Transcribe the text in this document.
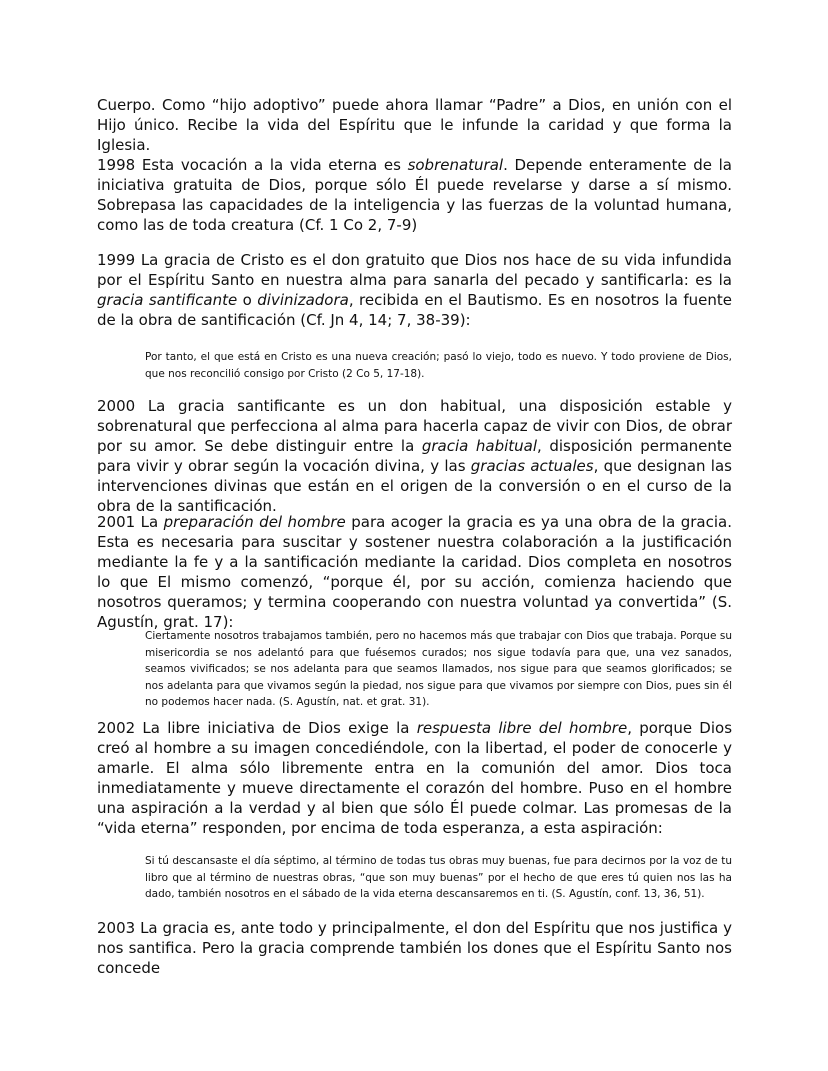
Cuerpo. Como “hijo adoptivo” puede ahora llamar “Padre” a Dios, en unión con el Hijo único. Recibe la vida del Espíritu que le infunde la caridad y que forma la Iglesia.

1998 Esta vocación a la vida eterna es sobrenatural. Depende enteramente de la iniciativa gratuita de Dios, porque sólo Él puede revelarse y darse a sí mismo. Sobrepasa las capacidades de la inteligencia y las fuerzas de la voluntad humana, como las de toda creatura (Cf. 1 Co 2, 7-9)

1999 La gracia de Cristo es el don gratuito que Dios nos hace de su vida infundida por el Espíritu Santo en nuestra alma para sanarla del pecado y santificarla: es la gracia santificante o divinizadora, recibida en el Bautismo. Es en nosotros la fuente de la obra de santificación (Cf. Jn 4, 14; 7, 38-39):

Por tanto, el que está en Cristo es una nueva creación; pasó lo viejo, todo es nuevo. Y todo proviene de Dios, que nos reconcilió consigo por Cristo (2 Co 5, 17-18).

2000 La gracia santificante es un don habitual, una disposición estable y sobrenatural que perfecciona al alma para hacerla capaz de vivir con Dios, de obrar por su amor. Se debe distinguir entre la gracia habitual, disposición permanente para vivir y obrar según la vocación divina, y las gracias actuales, que designan las intervenciones divinas que están en el origen de la conversión o en el curso de la obra de la santificación.

2001 La preparación del hombre para acoger la gracia es ya una obra de la gracia. Esta es necesaria para suscitar y sostener nuestra colaboración a la justificación mediante la fe y a la santificación mediante la caridad. Dios completa en nosotros lo que El mismo comenzó, “porque él, por su acción, comienza haciendo que nosotros queramos; y termina cooperando con nuestra voluntad ya convertida” (S. Agustín, grat. 17):

Ciertamente nosotros trabajamos también, pero no hacemos más que trabajar con Dios que trabaja. Porque su misericordia se nos adelantó para que fuésemos curados; nos sigue todavía para que, una vez sanados, seamos vivificados; se nos adelanta para que seamos llamados, nos sigue para que seamos glorificados; se nos adelanta para que vivamos según la piedad, nos sigue para que vivamos por siempre con Dios, pues sin él no podemos hacer nada. (S. Agustín, nat. et grat. 31).

2002 La libre iniciativa de Dios exige la respuesta libre del hombre, porque Dios creó al hombre a su imagen concediéndole, con la libertad, el poder de conocerle y amarle. El alma sólo libremente entra en la comunión del amor. Dios toca inmediatamente y mueve directamente el corazón del hombre. Puso en el hombre una aspiración a la verdad y al bien que sólo Él puede colmar. Las promesas de la “vida eterna” responden, por encima de toda esperanza, a esta aspiración:

Si tú descansaste el día séptimo, al término de todas tus obras muy buenas, fue para decirnos por la voz de tu libro que al término de nuestras obras, “que son muy buenas” por el hecho de que eres tú quien nos las ha dado, también nosotros en el sábado de la vida eterna descansaremos en ti. (S. Agustín, conf. 13, 36, 51).

2003 La gracia es, ante todo y principalmente, el don del Espíritu que nos justifica y nos santifica. Pero la gracia comprende también los dones que el Espíritu Santo nos concede
